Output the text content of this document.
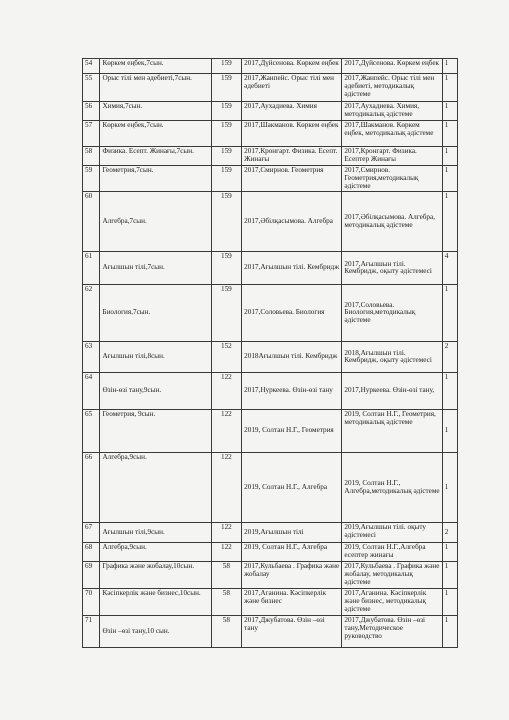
54	Көркем еңбек,7сын.	159	2017,Дүйсенова. Көркем еңбек	2017,Дүйсенова. Көркем еңбек	1
55	Орыс тілі мен әдебиеті,7сын.	159	2017,Жанпейс. Орыс тілі мен әдебиеті	2017,Жанпейс. Орыс тілі мен әдебиеті, методикалық әдістеме	1
56	Химия,7сын.	159	2017,Аухадиева. Химия	2017,Аухадиева. Химия, методикалық әдістеме	1
57	Көркем еңбек,7сын.	159	2017,Шакманов. Көркем еңбек	2017,Шакманов. Көркем еңбек, методикалық әдістеме	1
58	Физика. Есепт. Жинағы,7сын.	159	2017,Кронгарт. Физика. Есепт. Жинағы	2017,Кронгарт. Физика. Есептер Жинағы	1
59	Геометрия,7сын.	159	2017,Смирнов. Геометрия	2017,Смирнов. Геометрия,методикалық әдістеме	1
60	Алгебра,7сын.	159	2017,Әбілқасымова. Алгебра	2017,Әбілқасымова. Алгебра, методикалық әдістеме	1
61	Ағылшын тілі,7сын.	159	2017,Ағылшын тілі. Кембридж	2017,Ағылшын тілі. Кембридж, оқыту әдістемесі	4
62	Биология,7сын.	159	2017,Соловьева. Биология	2017,Соловьева. Биология,методикалық әдістеме	1
63	Ағылшын тілі,8сын.	152	2018Ағылшын тілі. Кембридж	2018,Ағылшын тілі. Кембридж, оқыту әдістемесі	2
64	Өзін-өзі тану,9сын.	122	2017,Нуркеева. Өзін-өзі тану	2017,Нуркеева. Өзін-өзі тану,	1
65	Геометрия, 9сын.	122	2019, Солтан Н.Г., Геометрия	2019, Солтан Н.Г., Геометрия, методикалық әдістеме	1
66	Алгебра,9сын.	122	2019, Солтан Н.Г., Алгебра	2019, Солтан Н.Г., Алгебра,методикалық әдістеме	1
67	Ағылшын тілі,9сын.	122	2019,Ағылшын тілі	2019,Ағылшын тілі. оқыту әдістемесі	2
68	Алгебра,9сын.	122	2019, Солтан Н.Г., Алгебра	2019, Солтан Н.Г.,Алгебра есептер жинағы	1
69	Графика және жобалау,10сын.	58	2017,Кульбаева . Графика және жобалау	2017,Кульбаева . Графика және жобалау, методикалық әдістеме	1
70	Кәсіпкерлік және бизнес,10сын.	58	2017,Аганина. Кәсіпкерлік және бизнес	2017,Аганина. Кәсіпкерлік және бизнес, методикалық әдістеме	1
71	Өзін –өзі тану,10 сын.	58	2017,Джубатова. Өзін –өзі тану	2017,Джубатова. Өзін –өзі тану,Методическое руководство	1
